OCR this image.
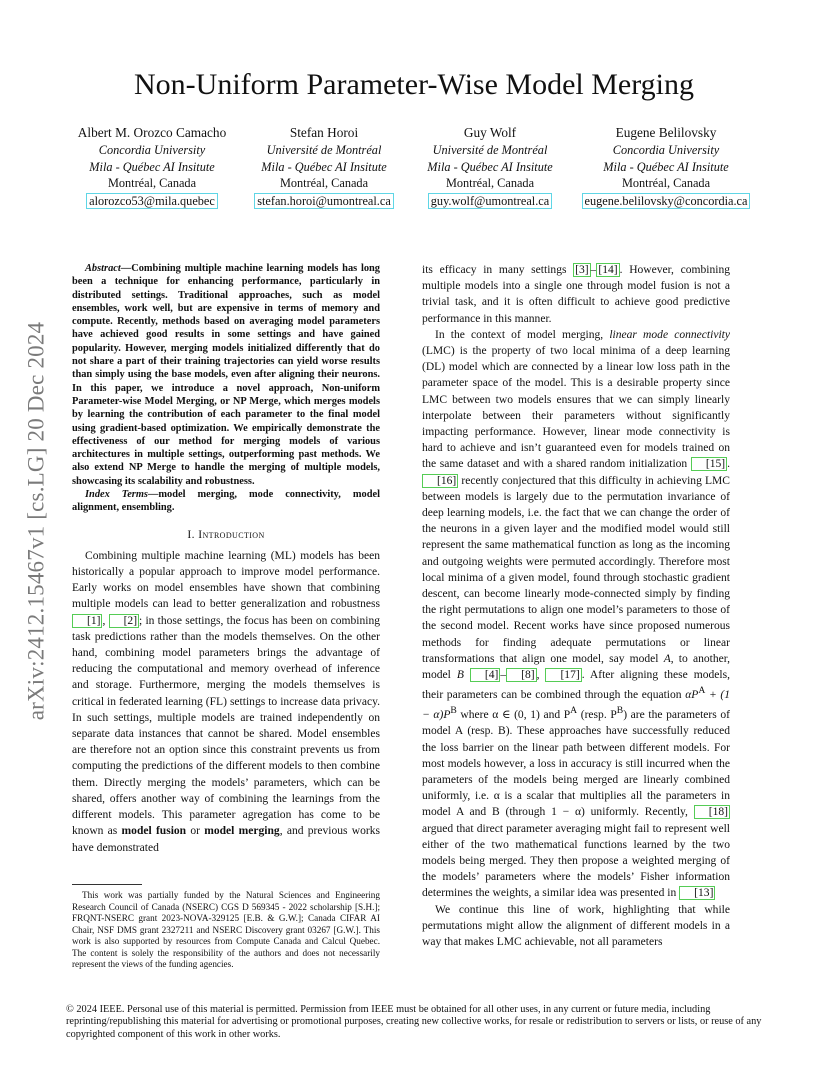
arXiv:2412.15467v1 [cs.LG] 20 Dec 2024
Non-Uniform Parameter-Wise Model Merging
Albert M. Orozco Camacho
Concordia University
Mila - Québec AI Insitute
Montréal, Canada
alorozco53@mila.quebec
Stefan Horoi
Université de Montréal
Mila - Québec AI Insitute
Montréal, Canada
stefan.horoi@umontreal.ca
Guy Wolf
Université de Montréal
Mila - Québec AI Insitute
Montréal, Canada
guy.wolf@umontreal.ca
Eugene Belilovsky
Concordia University
Mila - Québec AI Insitute
Montréal, Canada
eugene.belilovsky@concordia.ca

Abstract—Combining multiple machine learning models has long been a technique for enhancing performance, particularly in distributed settings. Traditional approaches, such as model ensembles, work well, but are expensive in terms of memory and compute. Recently, methods based on averaging model parameters have achieved good results in some settings and have gained popularity. However, merging models initialized differently that do not share a part of their training trajectories can yield worse results than simply using the base models, even after aligning their neurons. In this paper, we introduce a novel approach, Non-uniform Parameter-wise Model Merging, or NP Merge, which merges models by learning the contribution of each parameter to the final model using gradient-based optimization. We empirically demonstrate the effectiveness of our method for merging models of various architectures in multiple settings, outperforming past methods. We also extend NP Merge to handle the merging of multiple models, showcasing its scalability and robustness.

Index Terms—model merging, mode connectivity, model alignment, ensembling.

I. Introduction

Combining multiple machine learning (ML) models has been historically a popular approach to improve model performance. Early works on model ensembles have shown that combining multiple models can lead to better generalization and robustness [1] , [2] ; in those settings, the focus has been on combining task predictions rather than the models themselves. On the other hand, combining model parameters brings the advantage of reducing the computational and memory overhead of inference and storage. Furthermore, merging the models themselves is critical in federated learning (FL) settings to increase data privacy. In such settings, multiple models are trained independently on separate data instances that cannot be shared. Model ensembles are therefore not an option since this constraint prevents us from computing the predictions of the different models to then combine them. Directly merging the models’ parameters, which can be shared, offers another way of combining the learnings from the different models. This parameter agregation has come to be known as model fusion or model merging, and previous works have demonstrated

This work was partially funded by the Natural Sciences and Engineering Research Council of Canada (NSERC) CGS D 569345 - 2022 scholarship [S.H.]; FRQNT-NSERC grant 2023-NOVA-329125 [E.B. & G.W.]; Canada CIFAR AI Chair, NSF DMS grant 2327211 and NSERC Discovery grant 03267 [G.W.]. This work is also supported by resources from Compute Canada and Calcul Quebec. The content is solely the responsibility of the authors and does not necessarily represent the views of the funding agencies.

its efficacy in many settings [3] – [14] . However, combining multiple models into a single one through model fusion is not a trivial task, and it is often difficult to achieve good predictive performance in this manner.

In the context of model merging, linear mode connectivity (LMC) is the property of two local minima of a deep learning (DL) model which are connected by a linear low loss path in the parameter space of the model. This is a desirable property since LMC between two models ensures that we can simply linearly interpolate between their parameters without significantly impacting performance. However, linear mode connectivity is hard to achieve and isn’t guaranteed even for models trained on the same dataset and with a shared random initialization [15] . [16] recently conjectured that this difficulty in achieving LMC between models is largely due to the permutation invariance of deep learning models, i.e. the fact that we can change the order of the neurons in a given layer and the modified model would still represent the same mathematical function as long as the incoming and outgoing weights were permuted accordingly. Therefore most local minima of a given model, found through stochastic gradient descent, can become linearly mode-connected simply by finding the right permutations to align one model’s parameters to those of the second model. Recent works have since proposed numerous methods for finding adequate permutations or linear transformations that align one model, say model A, to another, model B [4] – [8] , [17] . After aligning these models, their parameters can be combined through the equation $\alpha P^A + (1 - \alpha)P^B$ where α ∈ (0, 1) and $P^A$ (resp. $P^B$) are the parameters of model A (resp. B). These approaches have successfully reduced the loss barrier on the linear path between different models. For most models however, a loss in accuracy is still incurred when the parameters of the models being merged are linearly combined uniformly, i.e. α is a scalar that multiplies all the parameters in model A and B (through 1 − α) uniformly. Recently, [18] argued that direct parameter averaging might fail to represent well either of the two mathematical functions learned by the two models being merged. They then propose a weighted merging of the models’ parameters where the models’ Fisher information determines the weights, a similar idea was presented in [13]

We continue this line of work, highlighting that while permutations might allow the alignment of different models in a way that makes LMC achievable, not all parameters

© 2024 IEEE. Personal use of this material is permitted. Permission from IEEE must be obtained for all other uses, in any current or future media, including reprinting/republishing this material for advertising or promotional purposes, creating new collective works, for resale or redistribution to servers or lists, or reuse of any copyrighted component of this work in other works.
